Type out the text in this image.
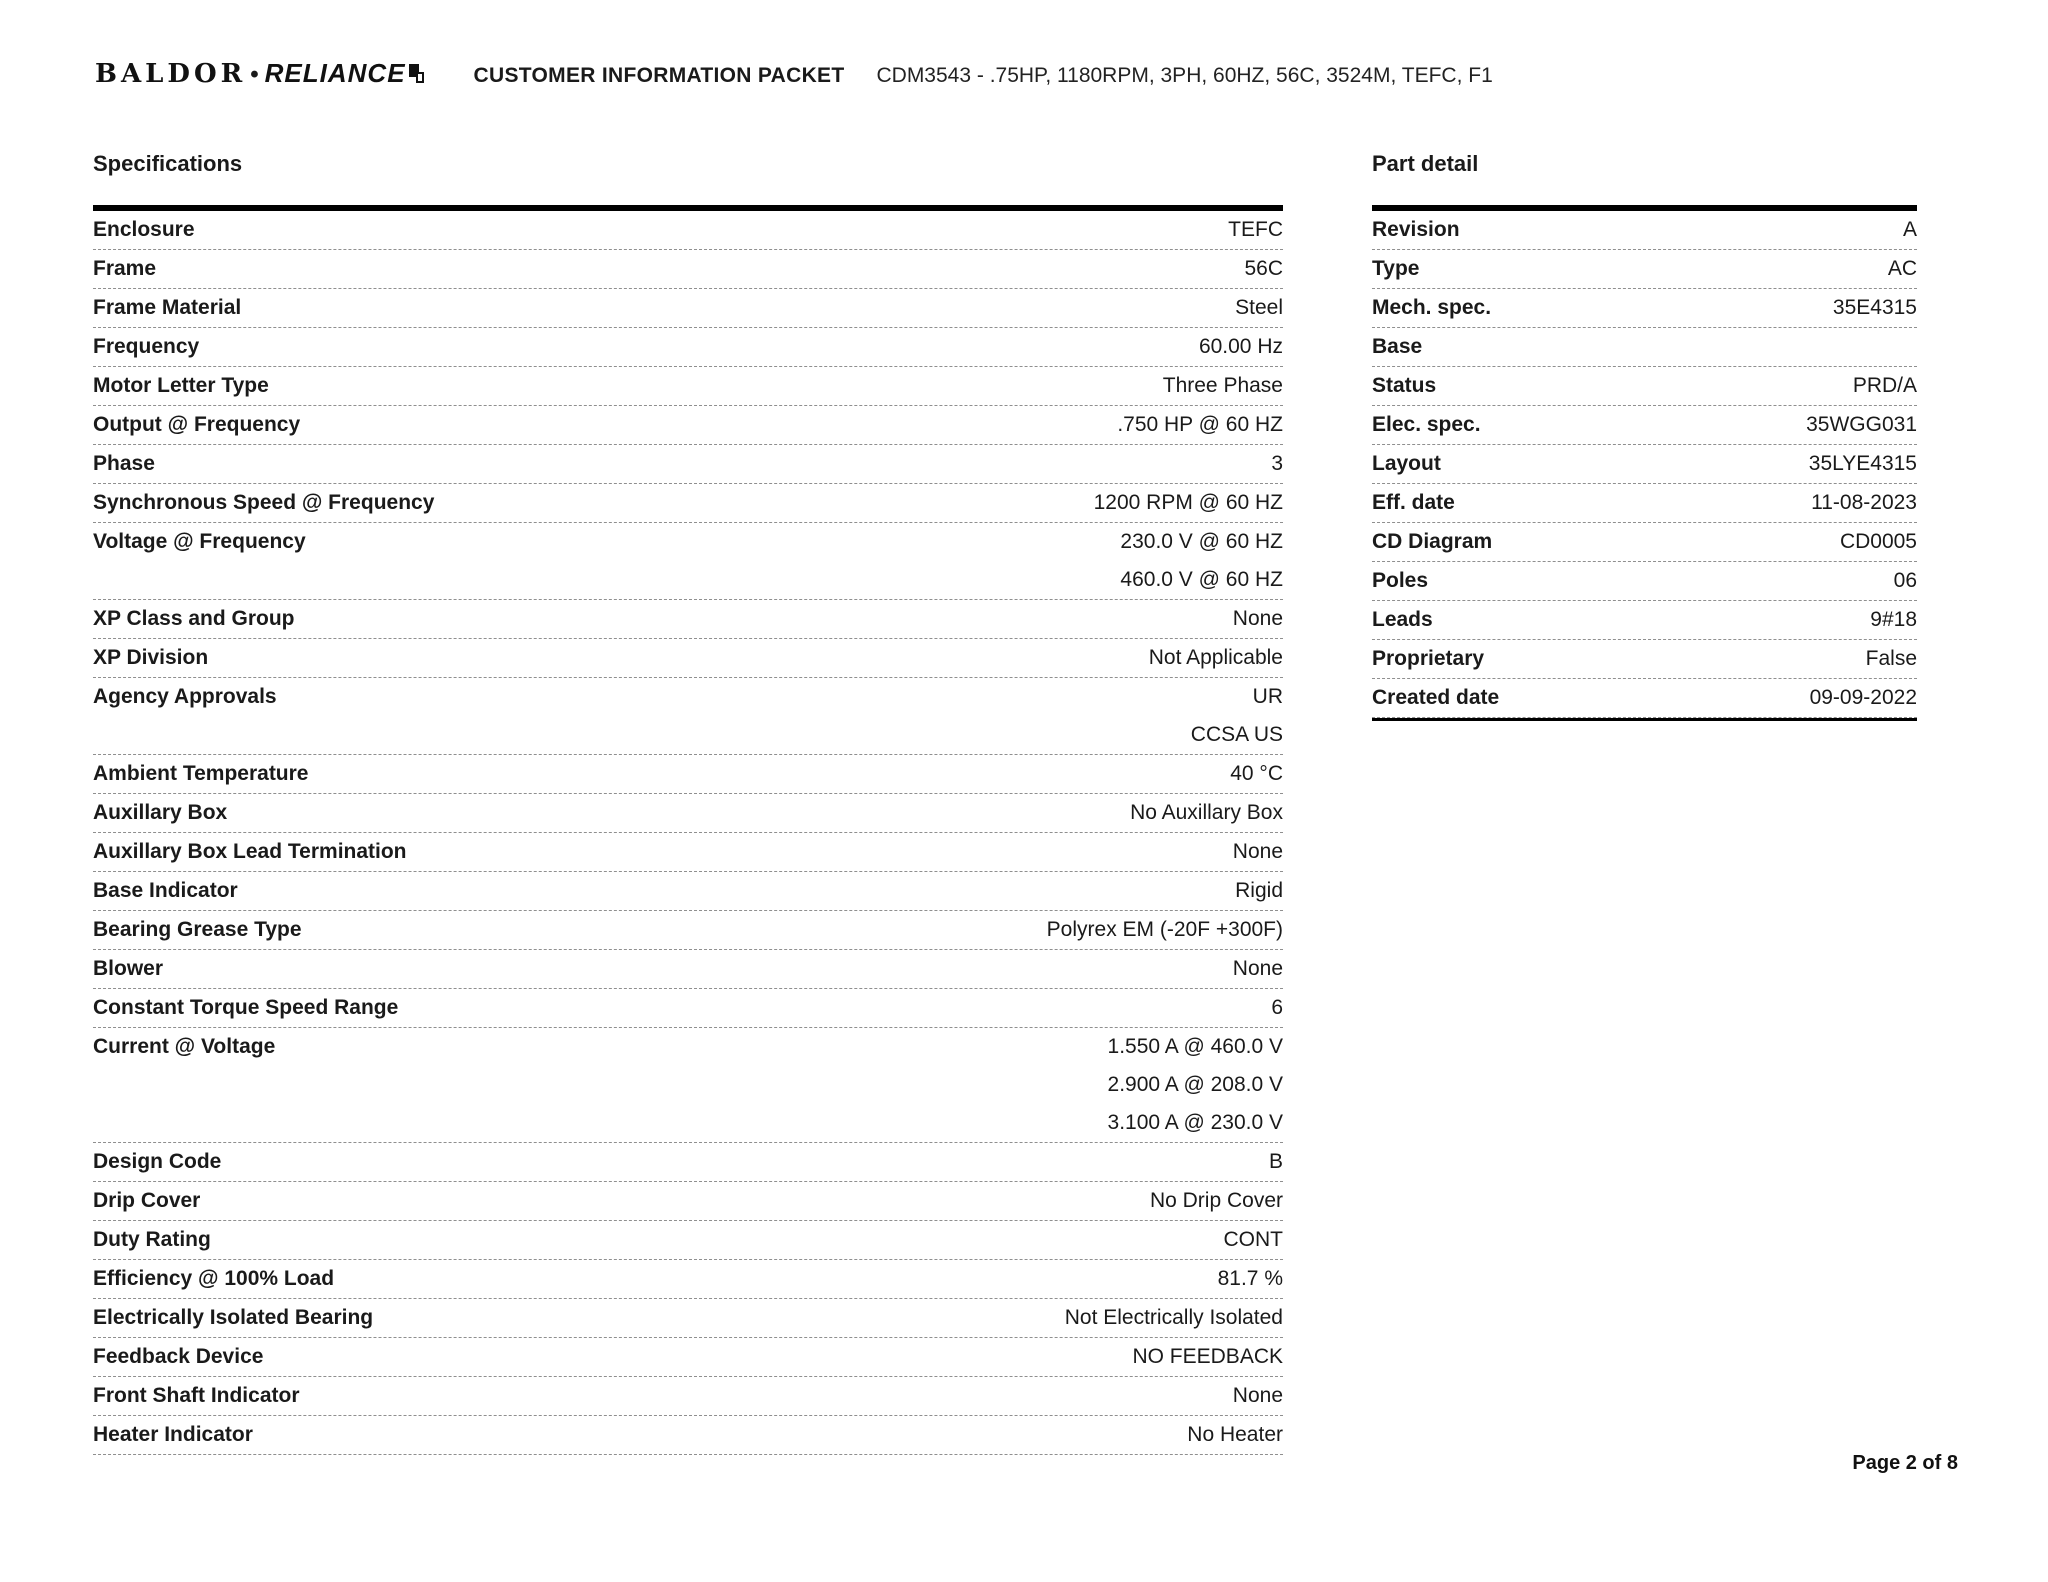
BALDOR • RELIANCE	CUSTOMER INFORMATION PACKET CDM3543 - .75HP, 1180RPM, 3PH, 60HZ, 56C, 3524M, TEFC, F1
Specifications
Enclosure	TEFC
Frame	56C
Frame Material	Steel
Frequency	60.00 Hz
Motor Letter Type	Three Phase
Output @ Frequency	.750 HP @ 60 HZ
Phase	3
Synchronous Speed @ Frequency	1200 RPM @ 60 HZ
Voltage @ Frequency	230.0 V @ 60 HZ
460.0 V @ 60 HZ
XP Class and Group	None
XP Division	Not Applicable
Agency Approvals	UR
CCSA US
Ambient Temperature	40 °C
Auxillary Box	No Auxillary Box
Auxillary Box Lead Termination	None
Base Indicator	Rigid
Bearing Grease Type	Polyrex EM (-20F +300F)
Blower	None
Constant Torque Speed Range	6
Current @ Voltage	1.550 A @ 460.0 V
2.900 A @ 208.0 V
3.100 A @ 230.0 V
Design Code	B
Drip Cover	No Drip Cover
Duty Rating	CONT
Efficiency @ 100% Load	81.7 %
Electrically Isolated Bearing	Not Electrically Isolated
Feedback Device	NO FEEDBACK
Front Shaft Indicator	None
Heater Indicator	No Heater
Part detail
Revision	A
Type	AC
Mech. spec.	35E4315
Base
Status	PRD/A
Elec. spec.	35WGG031
Layout	35LYE4315
Eff. date	11-08-2023
CD Diagram	CD0005
Poles	06
Leads	9#18
Proprietary	False
Created date	09-09-2022
Page 2 of 8
